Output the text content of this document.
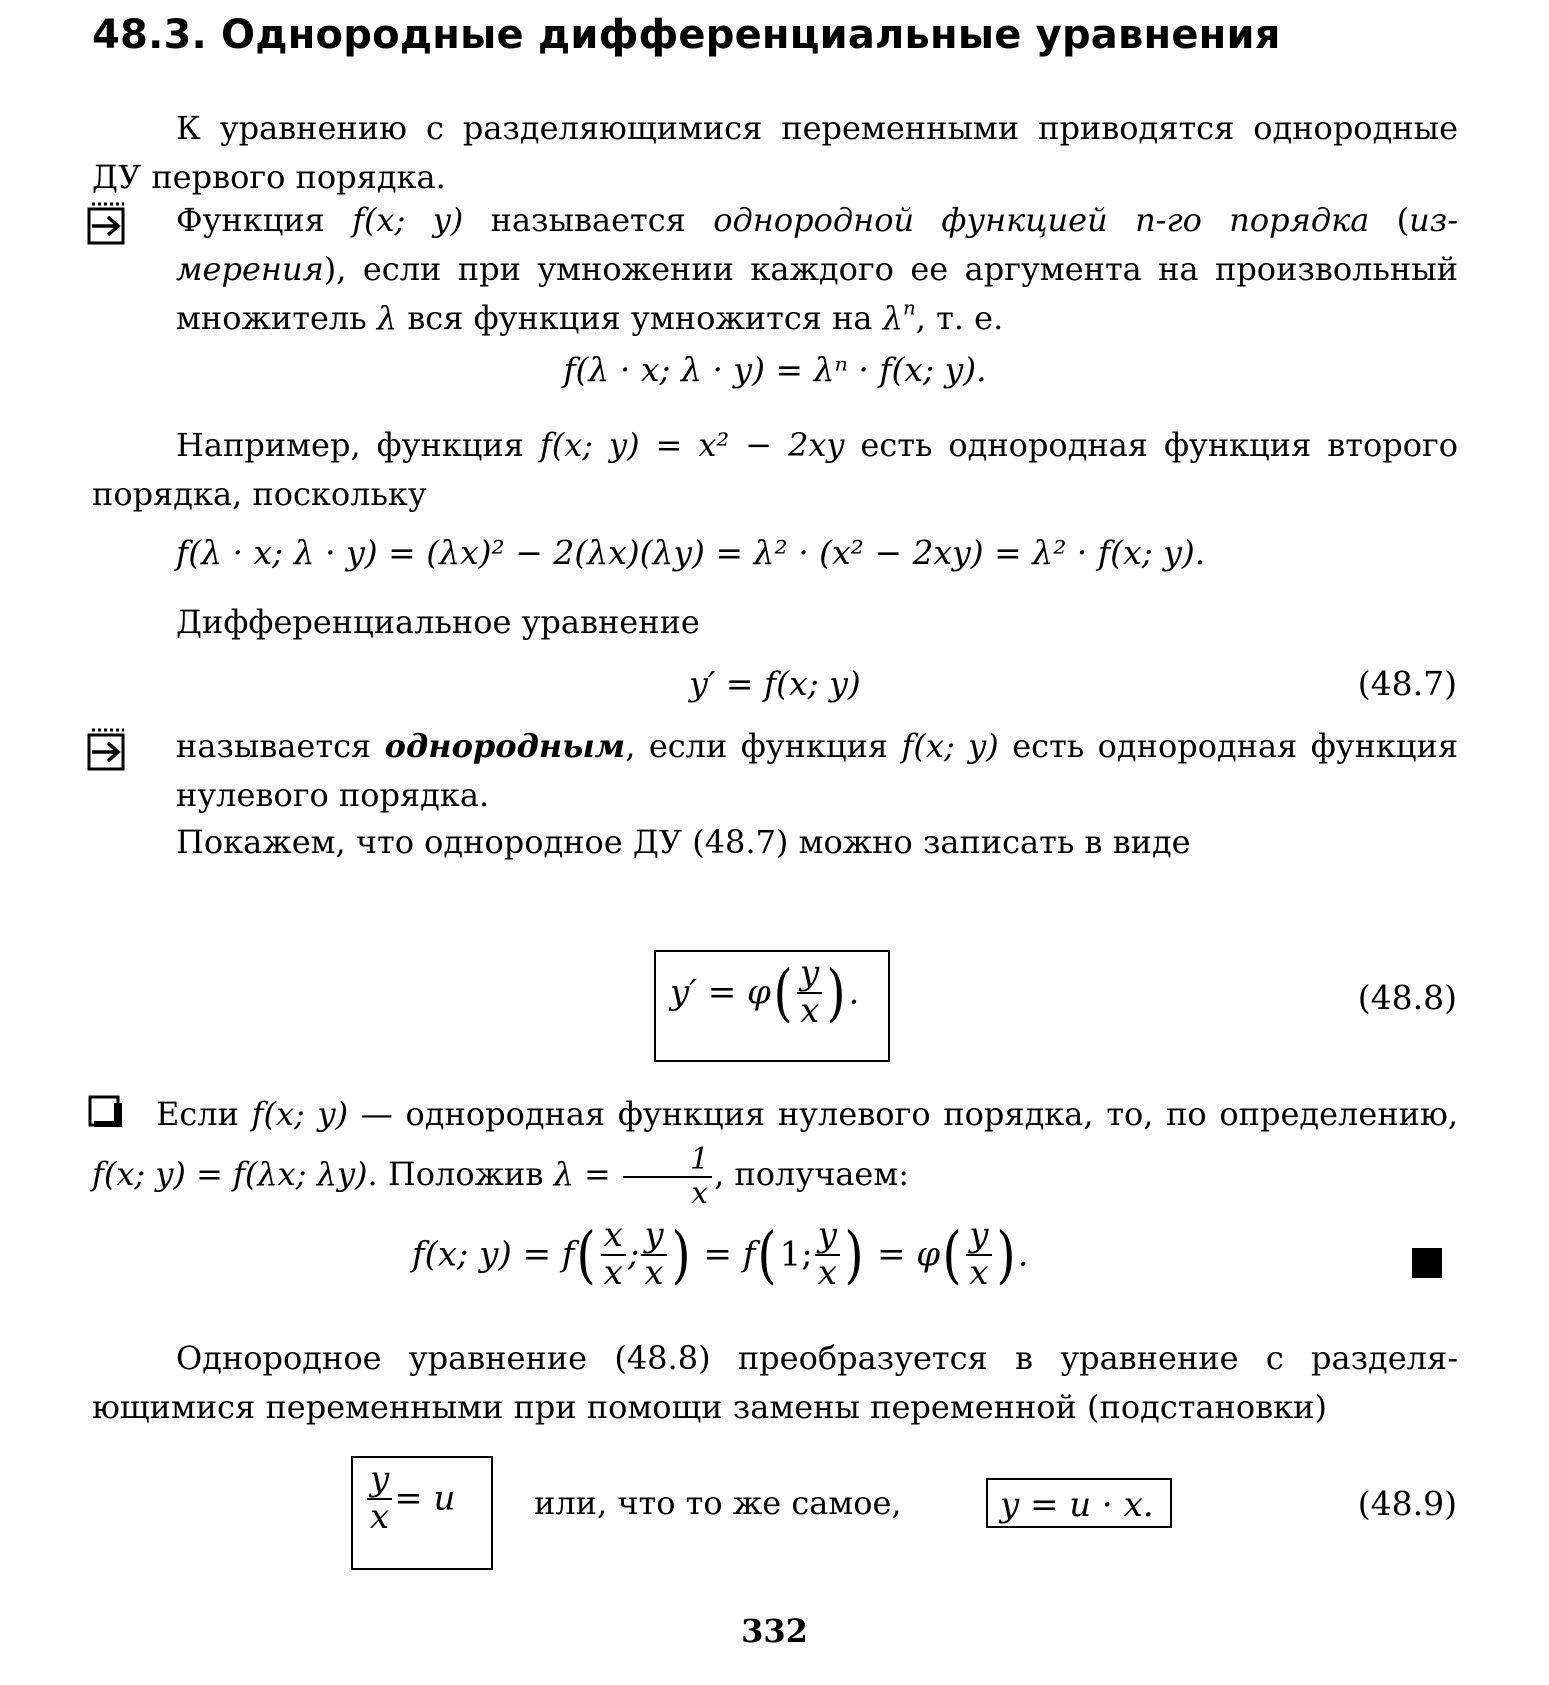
48.3. Однородные дифференциальные уравнения
К уравнению с разделяющимися переменными приводятся однородные ДУ первого порядка.
Функция f(x; y) называется однородной функцией n-го порядка (измерения), если при умножении каждого ее аргумента на произвольный множитель λ вся функция умножится на $\lambda^n$, т. е.
f(λ · x; λ · y) = λⁿ · f(x; y).
Например, функция f(x; y) = x² − 2xy есть однородная функция второго порядка, поскольку
f(λ · x; λ · y) = (λx)² − 2(λx)(λy) = λ² · (x² − 2xy) = λ² · f(x; y).
Дифференциальное уравнение
y′ = f(x; y)	(48.7)
называется однородным, если функция f(x; y) есть однородная функция нулевого порядка.
Покажем, что однородное ДУ (48.7) можно записать в виде
$y' = \varphi( \frac{y}{x}$ ).	(48.8)
Если f(x; y) — однородная функция нулевого порядка, то, по определению, f(x; y) = f(λx; λy). Положив $\lambda = \frac{1}{x}$ , получаем:
f(x; $y) = f( \frac{x}{x}$ ; $\frac{y}{x}$ ) = f(1; $\frac{y}{x}$ ) = $\varphi( \frac{y}{x}$ ).
Однородное уравнение (48.8) преобразуется в уравнение с разделяющимися переменными при помощи замены переменной (подстановки)
$\frac{y}{x} = u$ или, что то же самое,	y = u · x.	(48.9)
332
